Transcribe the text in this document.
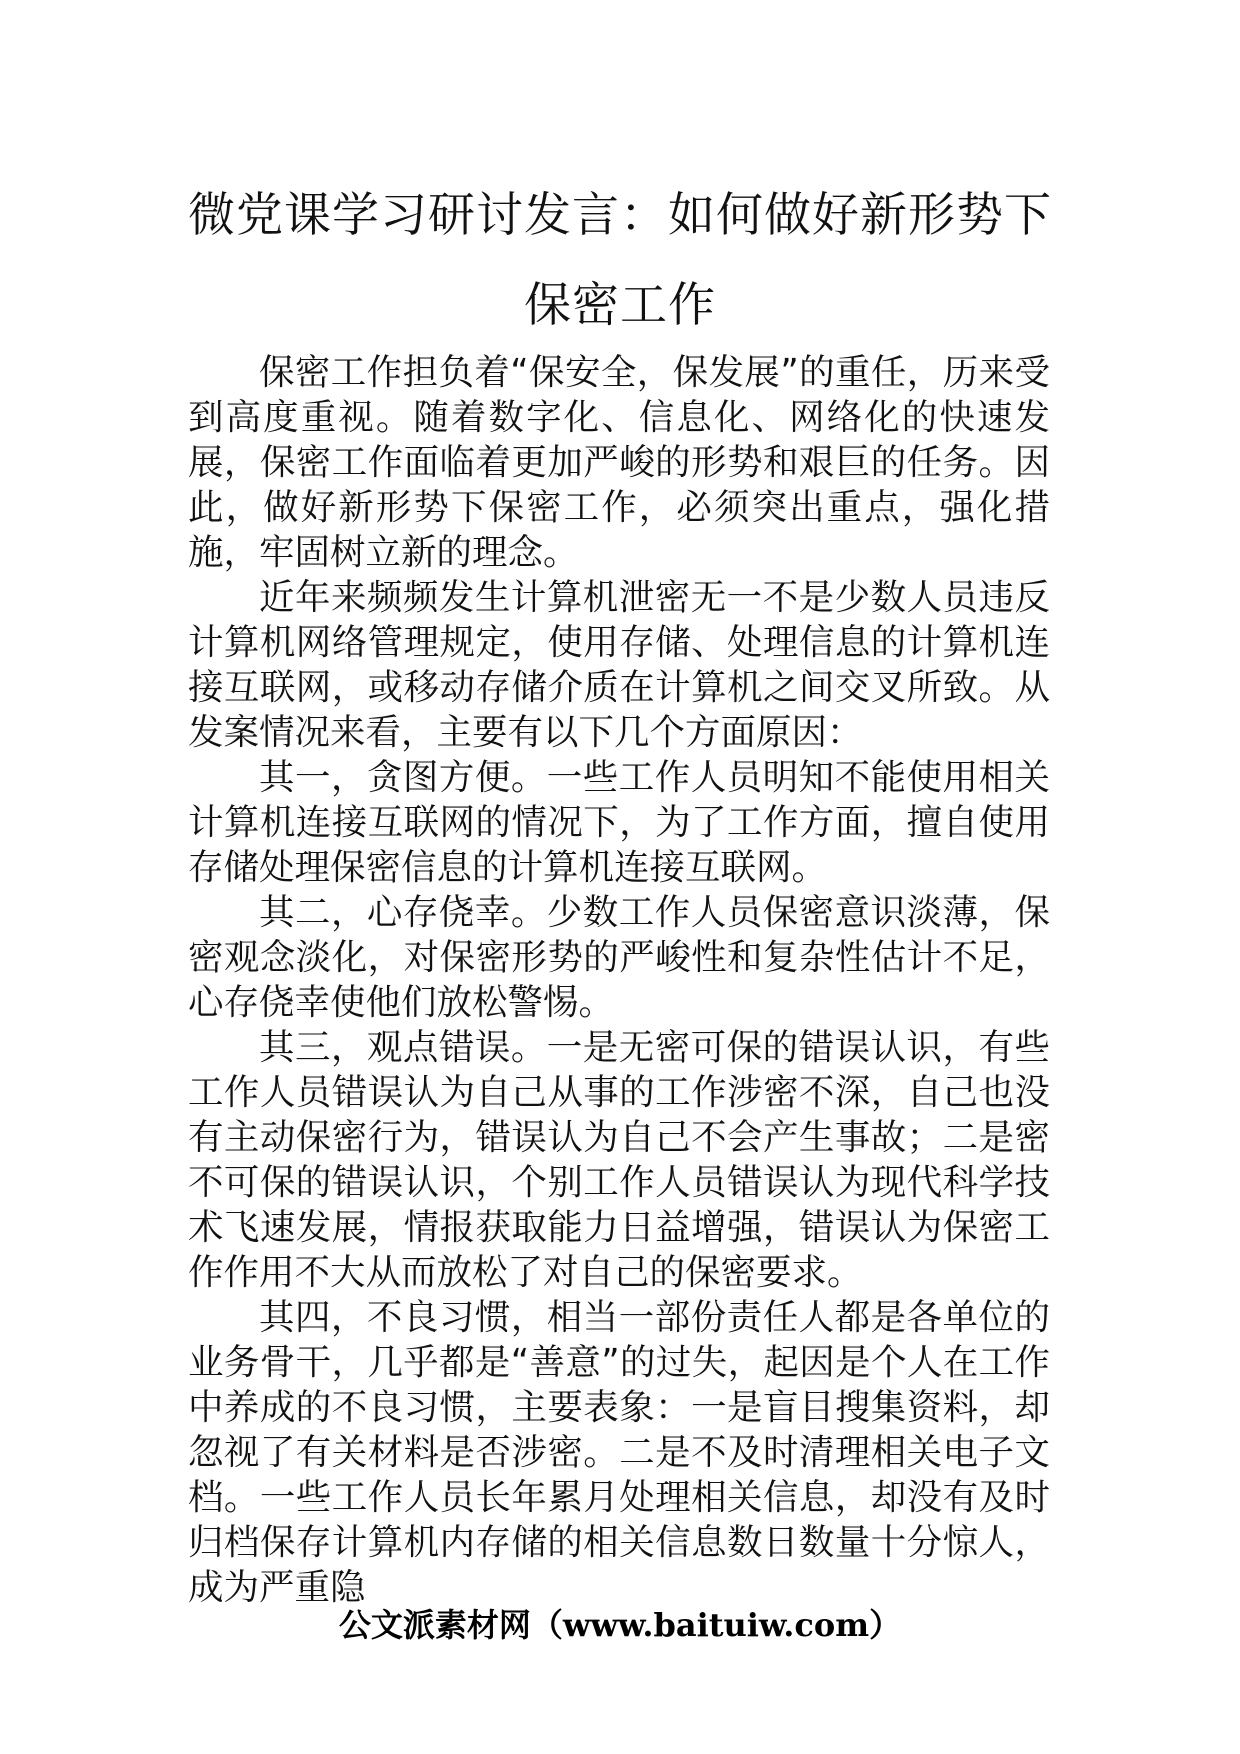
微党课学习研讨发言：如何做好新形势下
保密工作

保密工作担负着“保安全，保发展”的重任，历来受到高度重视。随着数字化、信息化、网络化的快速发展，保密工作面临着更加严峻的形势和艰巨的任务。因此，做好新形势下保密工作，必须突出重点，强化措施，牢固树立新的理念。

近年来频频发生计算机泄密无一不是少数人员违反计算机网络管理规定，使用存储、处理信息的计算机连接互联网，或移动存储介质在计算机之间交叉所致。从发案情况来看，主要有以下几个方面原因：

其一，贪图方便。一些工作人员明知不能使用相关计算机连接互联网的情况下，为了工作方面，擅自使用存储处理保密信息的计算机连接互联网。

其二，心存侥幸。少数工作人员保密意识淡薄，保密观念淡化，对保密形势的严峻性和复杂性估计不足，心存侥幸使他们放松警惕。

其三，观点错误。一是无密可保的错误认识，有些工作人员错误认为自己从事的工作涉密不深，自己也没有主动保密行为，错误认为自己不会产生事故；二是密不可保的错误认识，个别工作人员错误认为现代科学技术飞速发展，情报获取能力日益增强，错误认为保密工作作用不大从而放松了对自己的保密要求。

其四，不良习惯，相当一部份责任人都是各单位的业务骨干，几乎都是“善意”的过失，起因是个人在工作中养成的不良习惯，主要表象：一是盲目搜集资料，却忽视了有关材料是否涉密。二是不及时清理相关电子文档。一些工作人员长年累月处理相关信息，却没有及时归档保存计算机内存储的相关信息数日数量十分惊人，成为严重隐

公文派素材网（www.baituiw.com）
